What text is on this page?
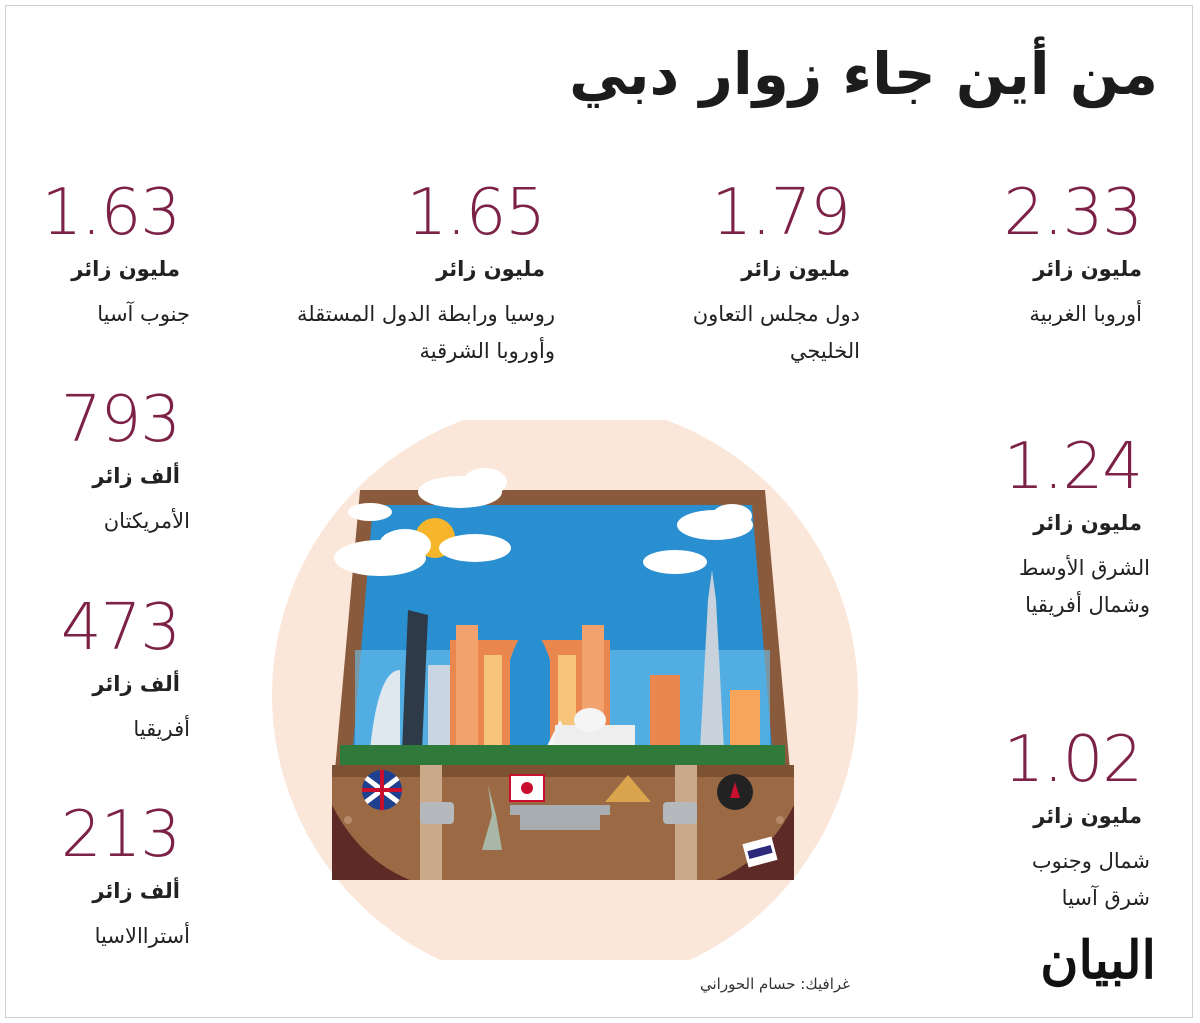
من أين جاء زوار دبي
2.33
مليون زائر
أوروبا الغربية
1.79
مليون زائر
دول مجلس التعاون الخليجي
1.65
مليون زائر
روسيا ورابطة الدول المستقلة وأوروبا الشرقية
1.63
مليون زائر
جنوب آسيا
1.24
مليون زائر
الشرق الأوسط وشمال أفريقيا
1.02
مليون زائر
شمال وجنوب شرق آسيا
793
ألف زائر
الأمريكتان
473
ألف زائر
أفريقيا
213
ألف زائر
أستراالاسيا
غرافيك: حسام الحوراني	البيان
